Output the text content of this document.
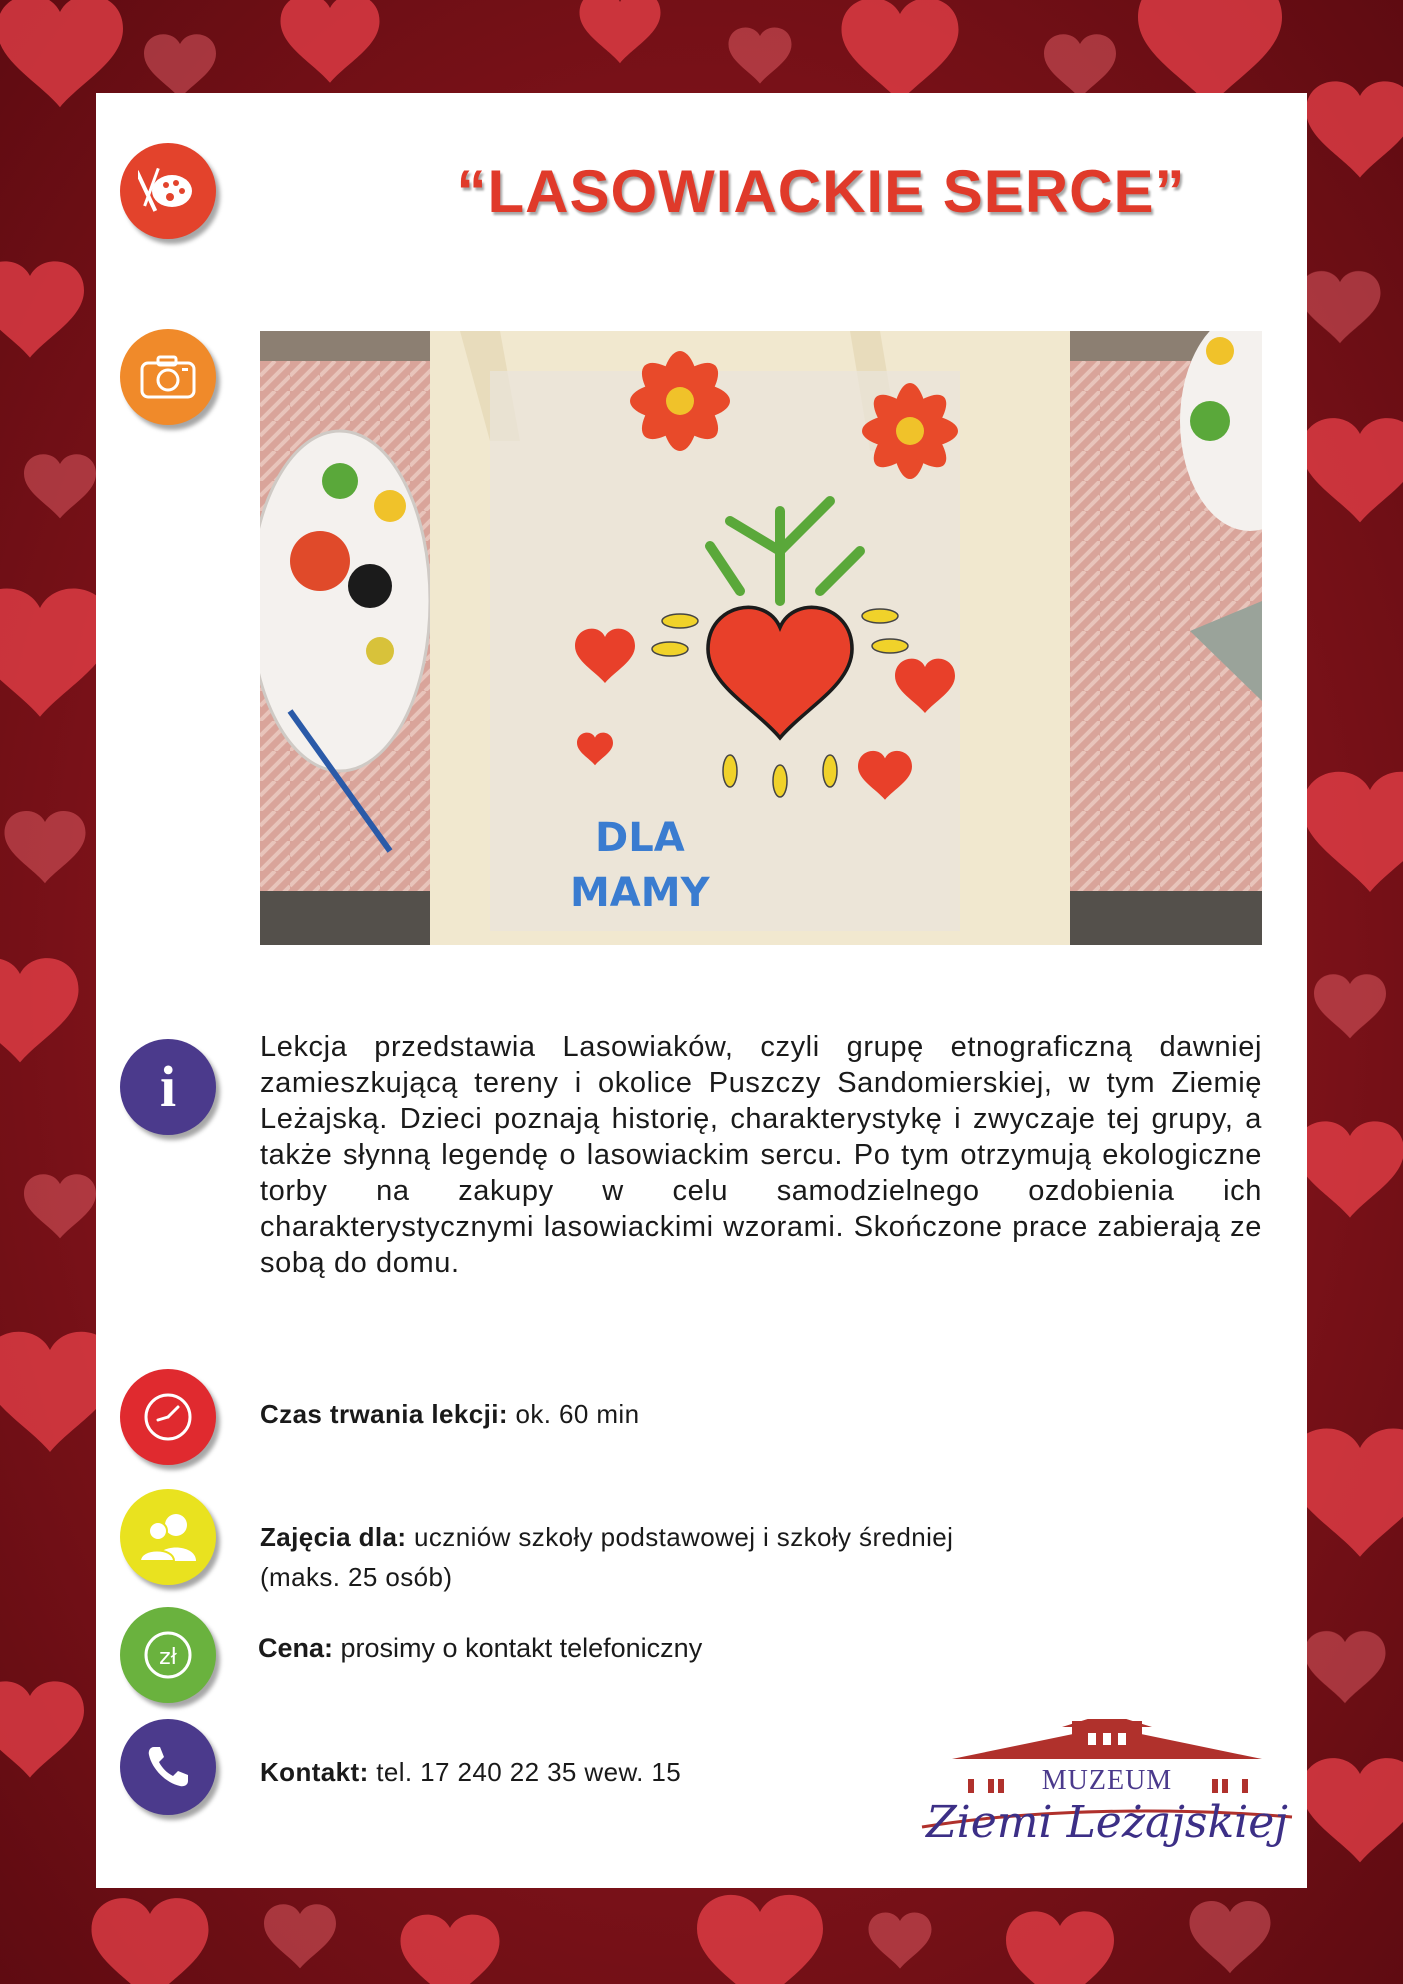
“LASOWIACKIE SERCE”
DLA
MAMY
i
Lekcja przedstawia Lasowiaków, czyli grupę etnograficzną dawniej zamieszkującą tereny i okolice Puszczy Sandomierskiej, w tym Ziemię Leżajską. Dzieci poznają historię, charakterystykę i zwyczaje tej grupy, a także słynną legendę o lasowiackim sercu. Po tym otrzymują ekologiczne torby na zakupy w celu samodzielnego ozdobienia ich charakterystycznymi lasowiackimi wzorami. Skończone prace zabierają ze sobą do domu.
Czas trwania lekcji: ok. 60 min
Zajęcia dla: uczniów szkoły podstawowej i szkoły średniej
(maks. 25 osób)
zł	Cena: prosimy o kontakt telefoniczny
Kontakt: tel. 17 240 22 35 wew. 15	MUZEUM
Ziemi Leżajskiej
